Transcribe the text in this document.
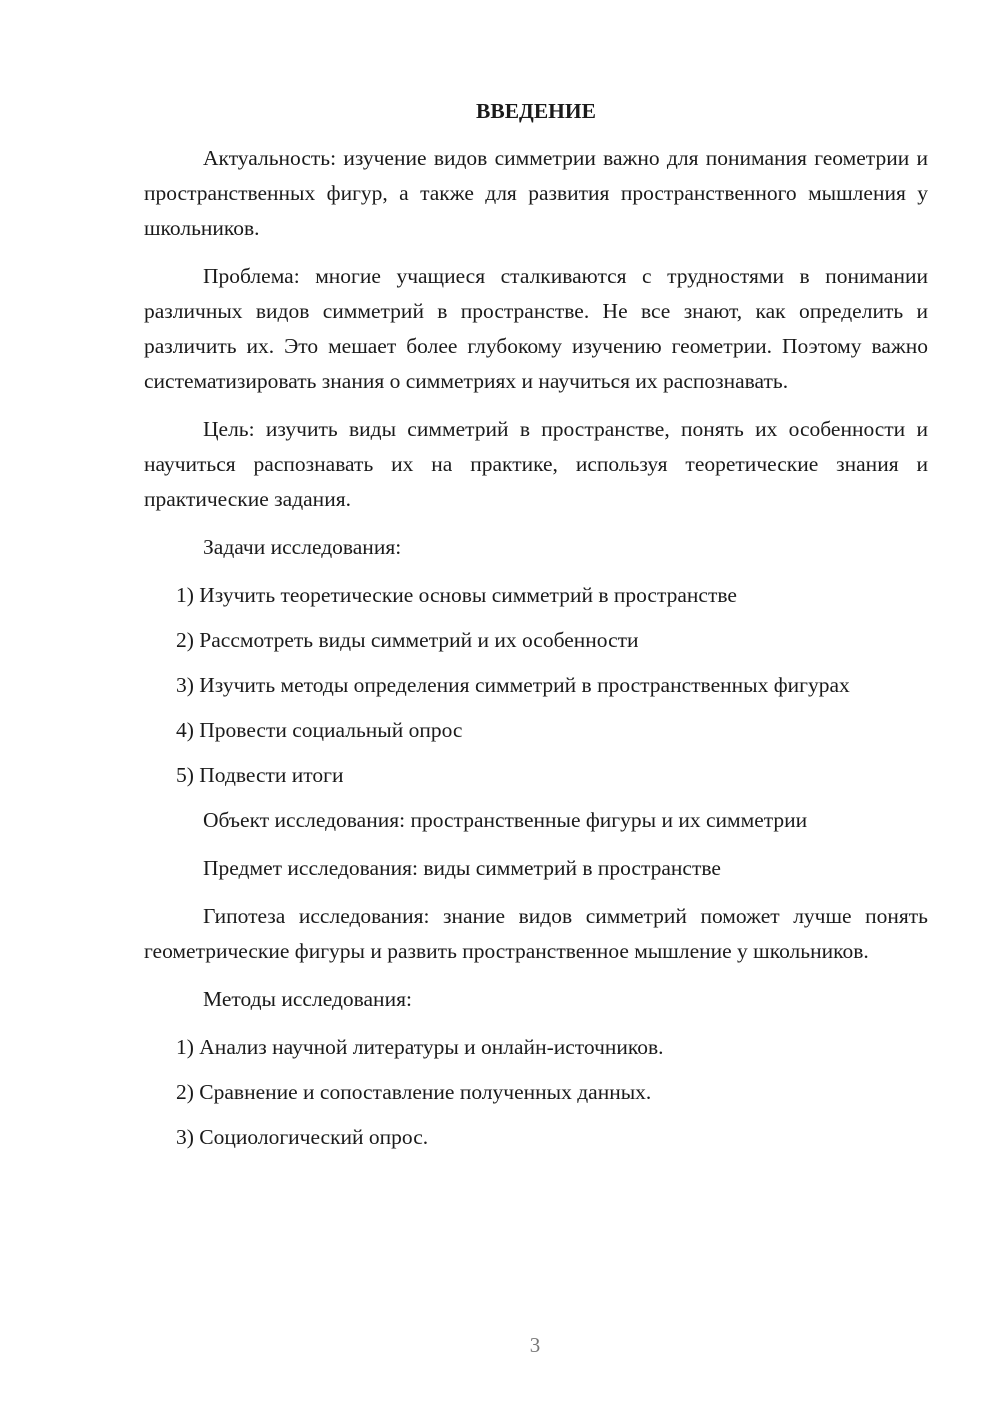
ВВЕДЕНИЕ

Актуальность: изучение видов симметрии важно для понимания геометрии и пространственных фигур, а также для развития пространственного мышления у школьников.

Проблема: многие учащиеся сталкиваются с трудностями в понимании различных видов симметрий в пространстве. Не все знают, как определить и различить их. Это мешает более глубокому изучению геометрии. Поэтому важно систематизировать знания о симметриях и научиться их распознавать.

Цель: изучить виды симметрий в пространстве, понять их особенности и научиться распознавать их на практике, используя теоретические знания и практические задания.

Задачи исследования:

1) Изучить теоретические основы симметрий в пространстве

2) Рассмотреть виды симметрий и их особенности

3) Изучить методы определения симметрий в пространственных фигурах

4) Провести социальный опрос

5) Подвести итоги

Объект исследования: пространственные фигуры и их симметрии

Предмет исследования: виды симметрий в пространстве

Гипотеза исследования: знание видов симметрий поможет лучше понять геометрические фигуры и развить пространственное мышление у школьников.

Методы исследования:

1) Анализ научной литературы и онлайн-источников.

2) Сравнение и сопоставление полученных данных.

3) Социологический опрос.

3
